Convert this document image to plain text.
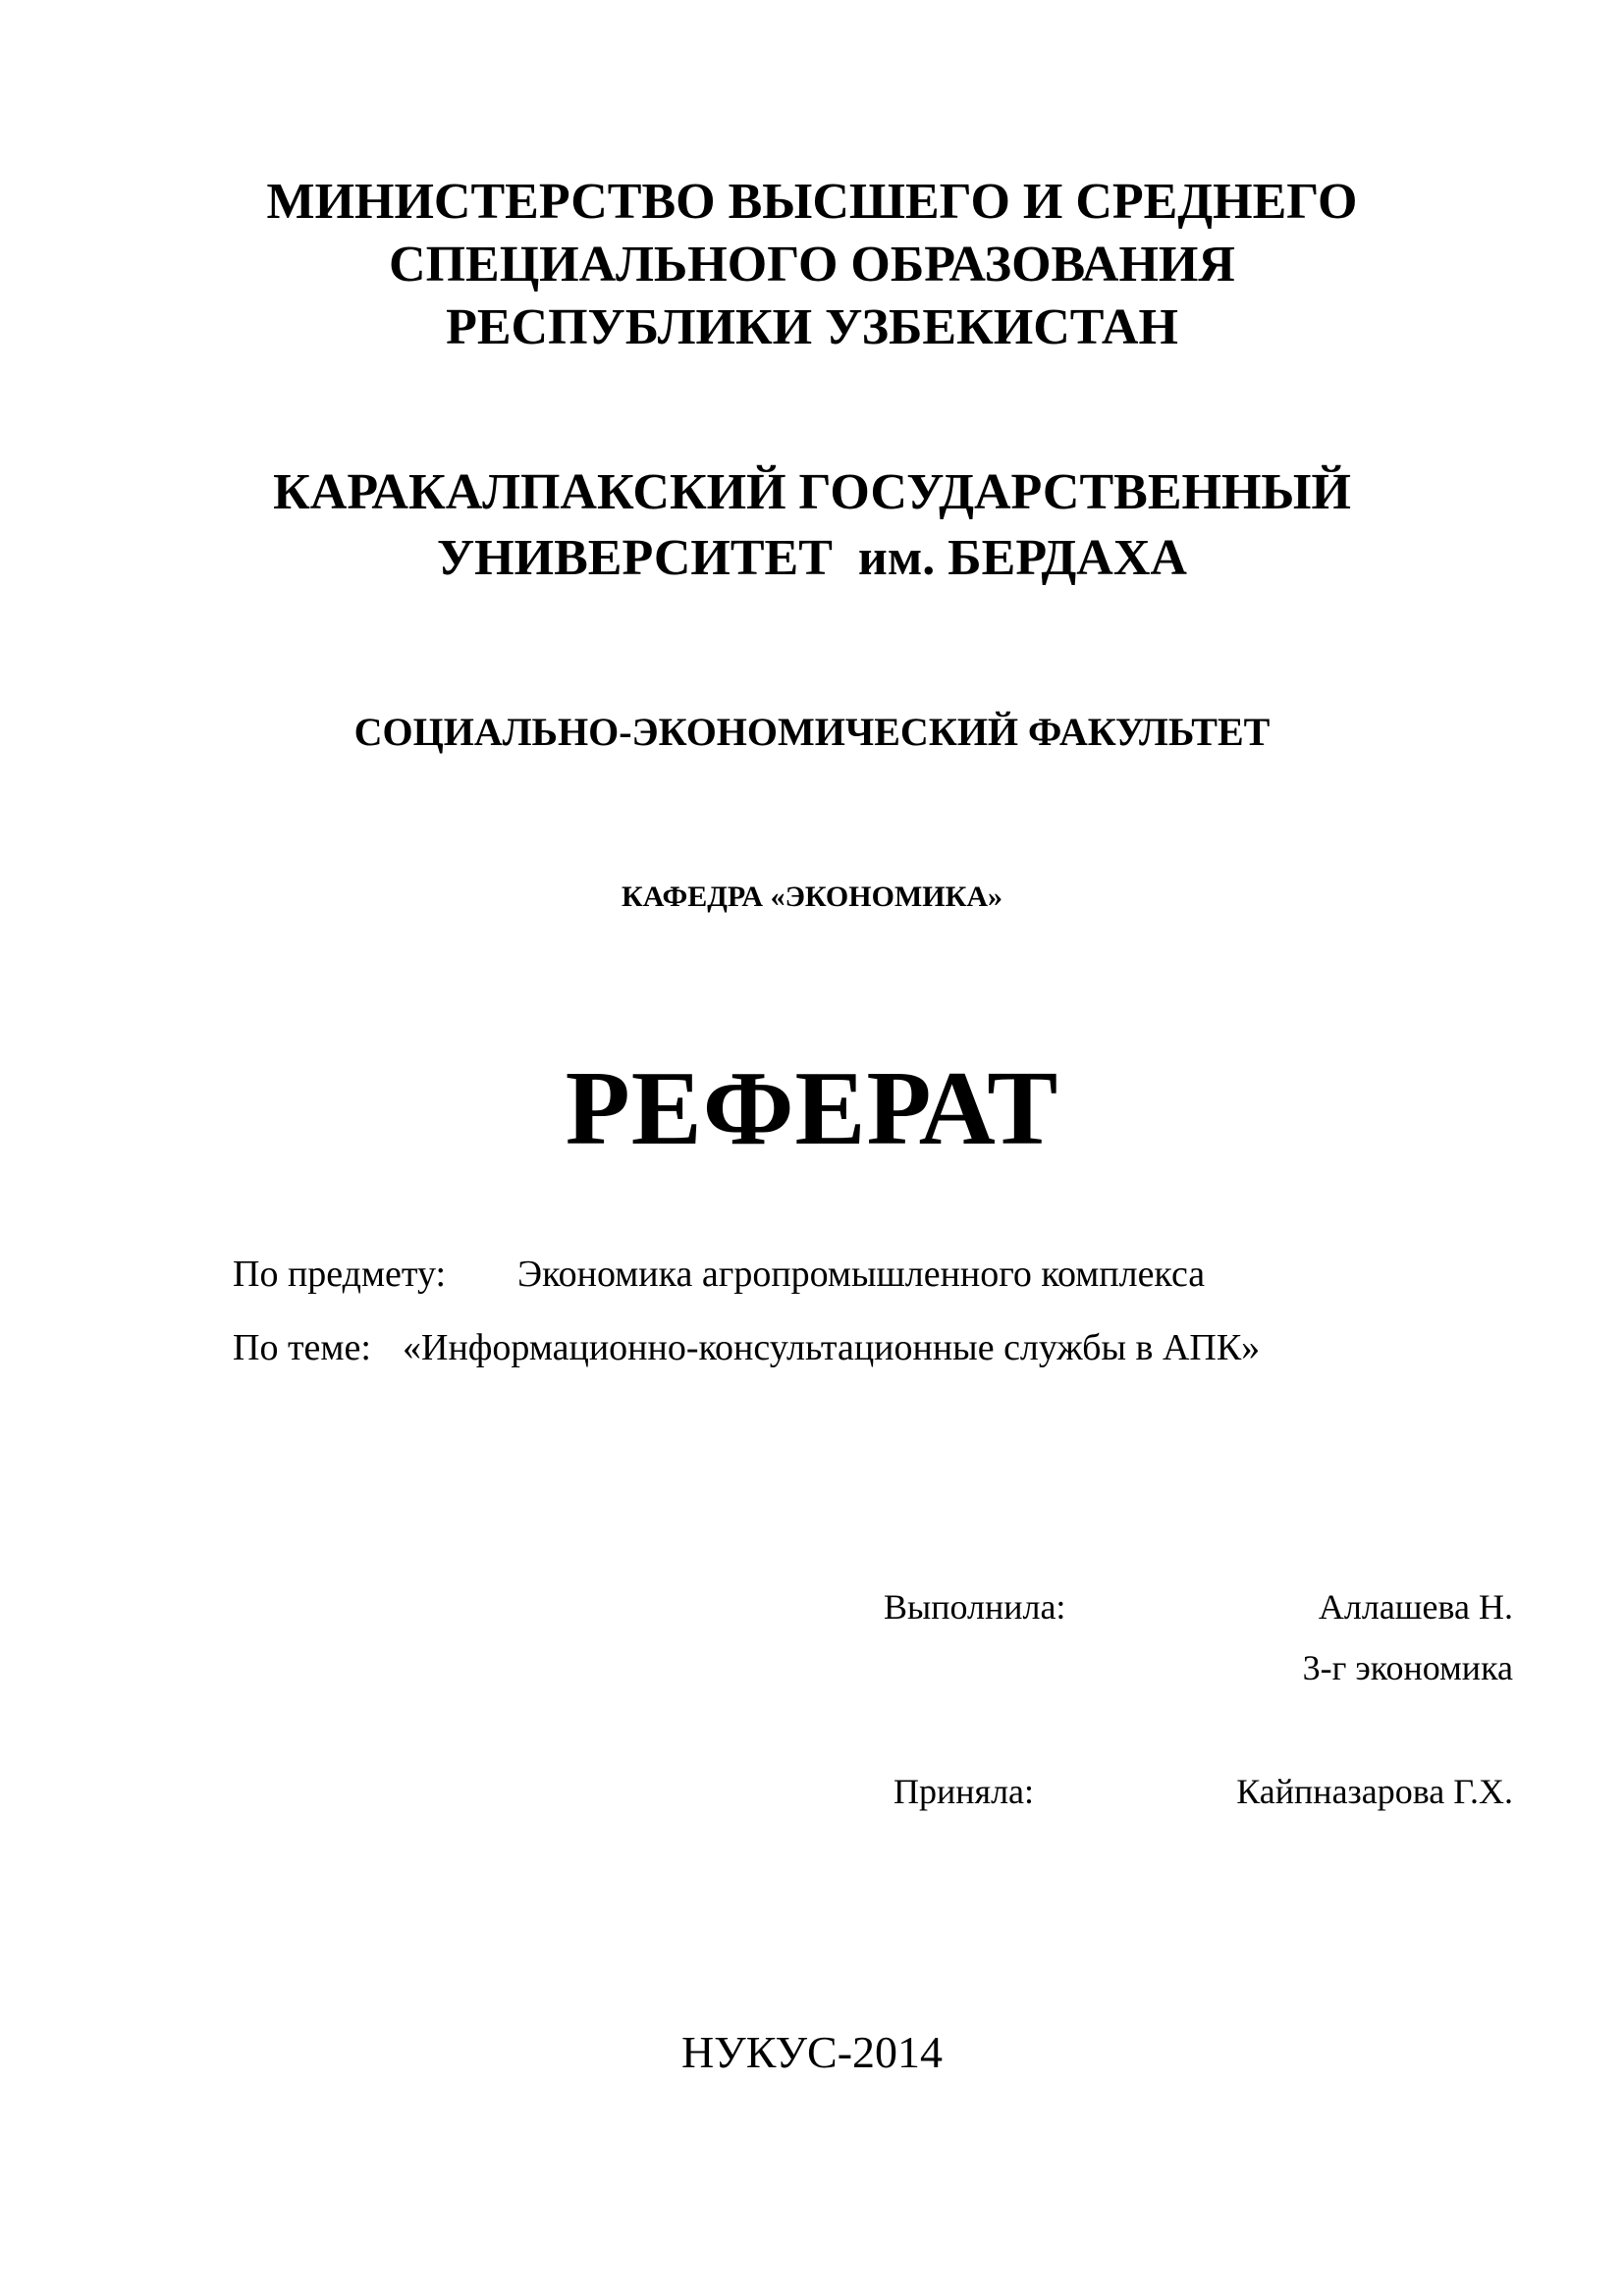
МИНИСТЕРСТВО ВЫСШЕГО И СРЕДНЕГО
СПЕЦИАЛЬНОГО ОБРАЗОВАНИЯ
РЕСПУБЛИКИ УЗБЕКИСТАН
КАРАКАЛПАКСКИЙ ГОСУДАРСТВЕННЫЙ
УНИВЕРСИТЕТ  им. БЕРДАХА
СОЦИАЛЬНО-ЭКОНОМИЧЕСКИЙ ФАКУЛЬТЕТ
КАФЕДРА «ЭКОНОМИКА»
РЕФЕРАТ
По предмету: Экономика агропромышленного комплекса
По теме: «Информационно-консультационные службы в АПК»
Выполнила:	Аллашева Н.
3-г экономика
Приняла:	Кайпназарова Г.Х.
НУКУС-2014
